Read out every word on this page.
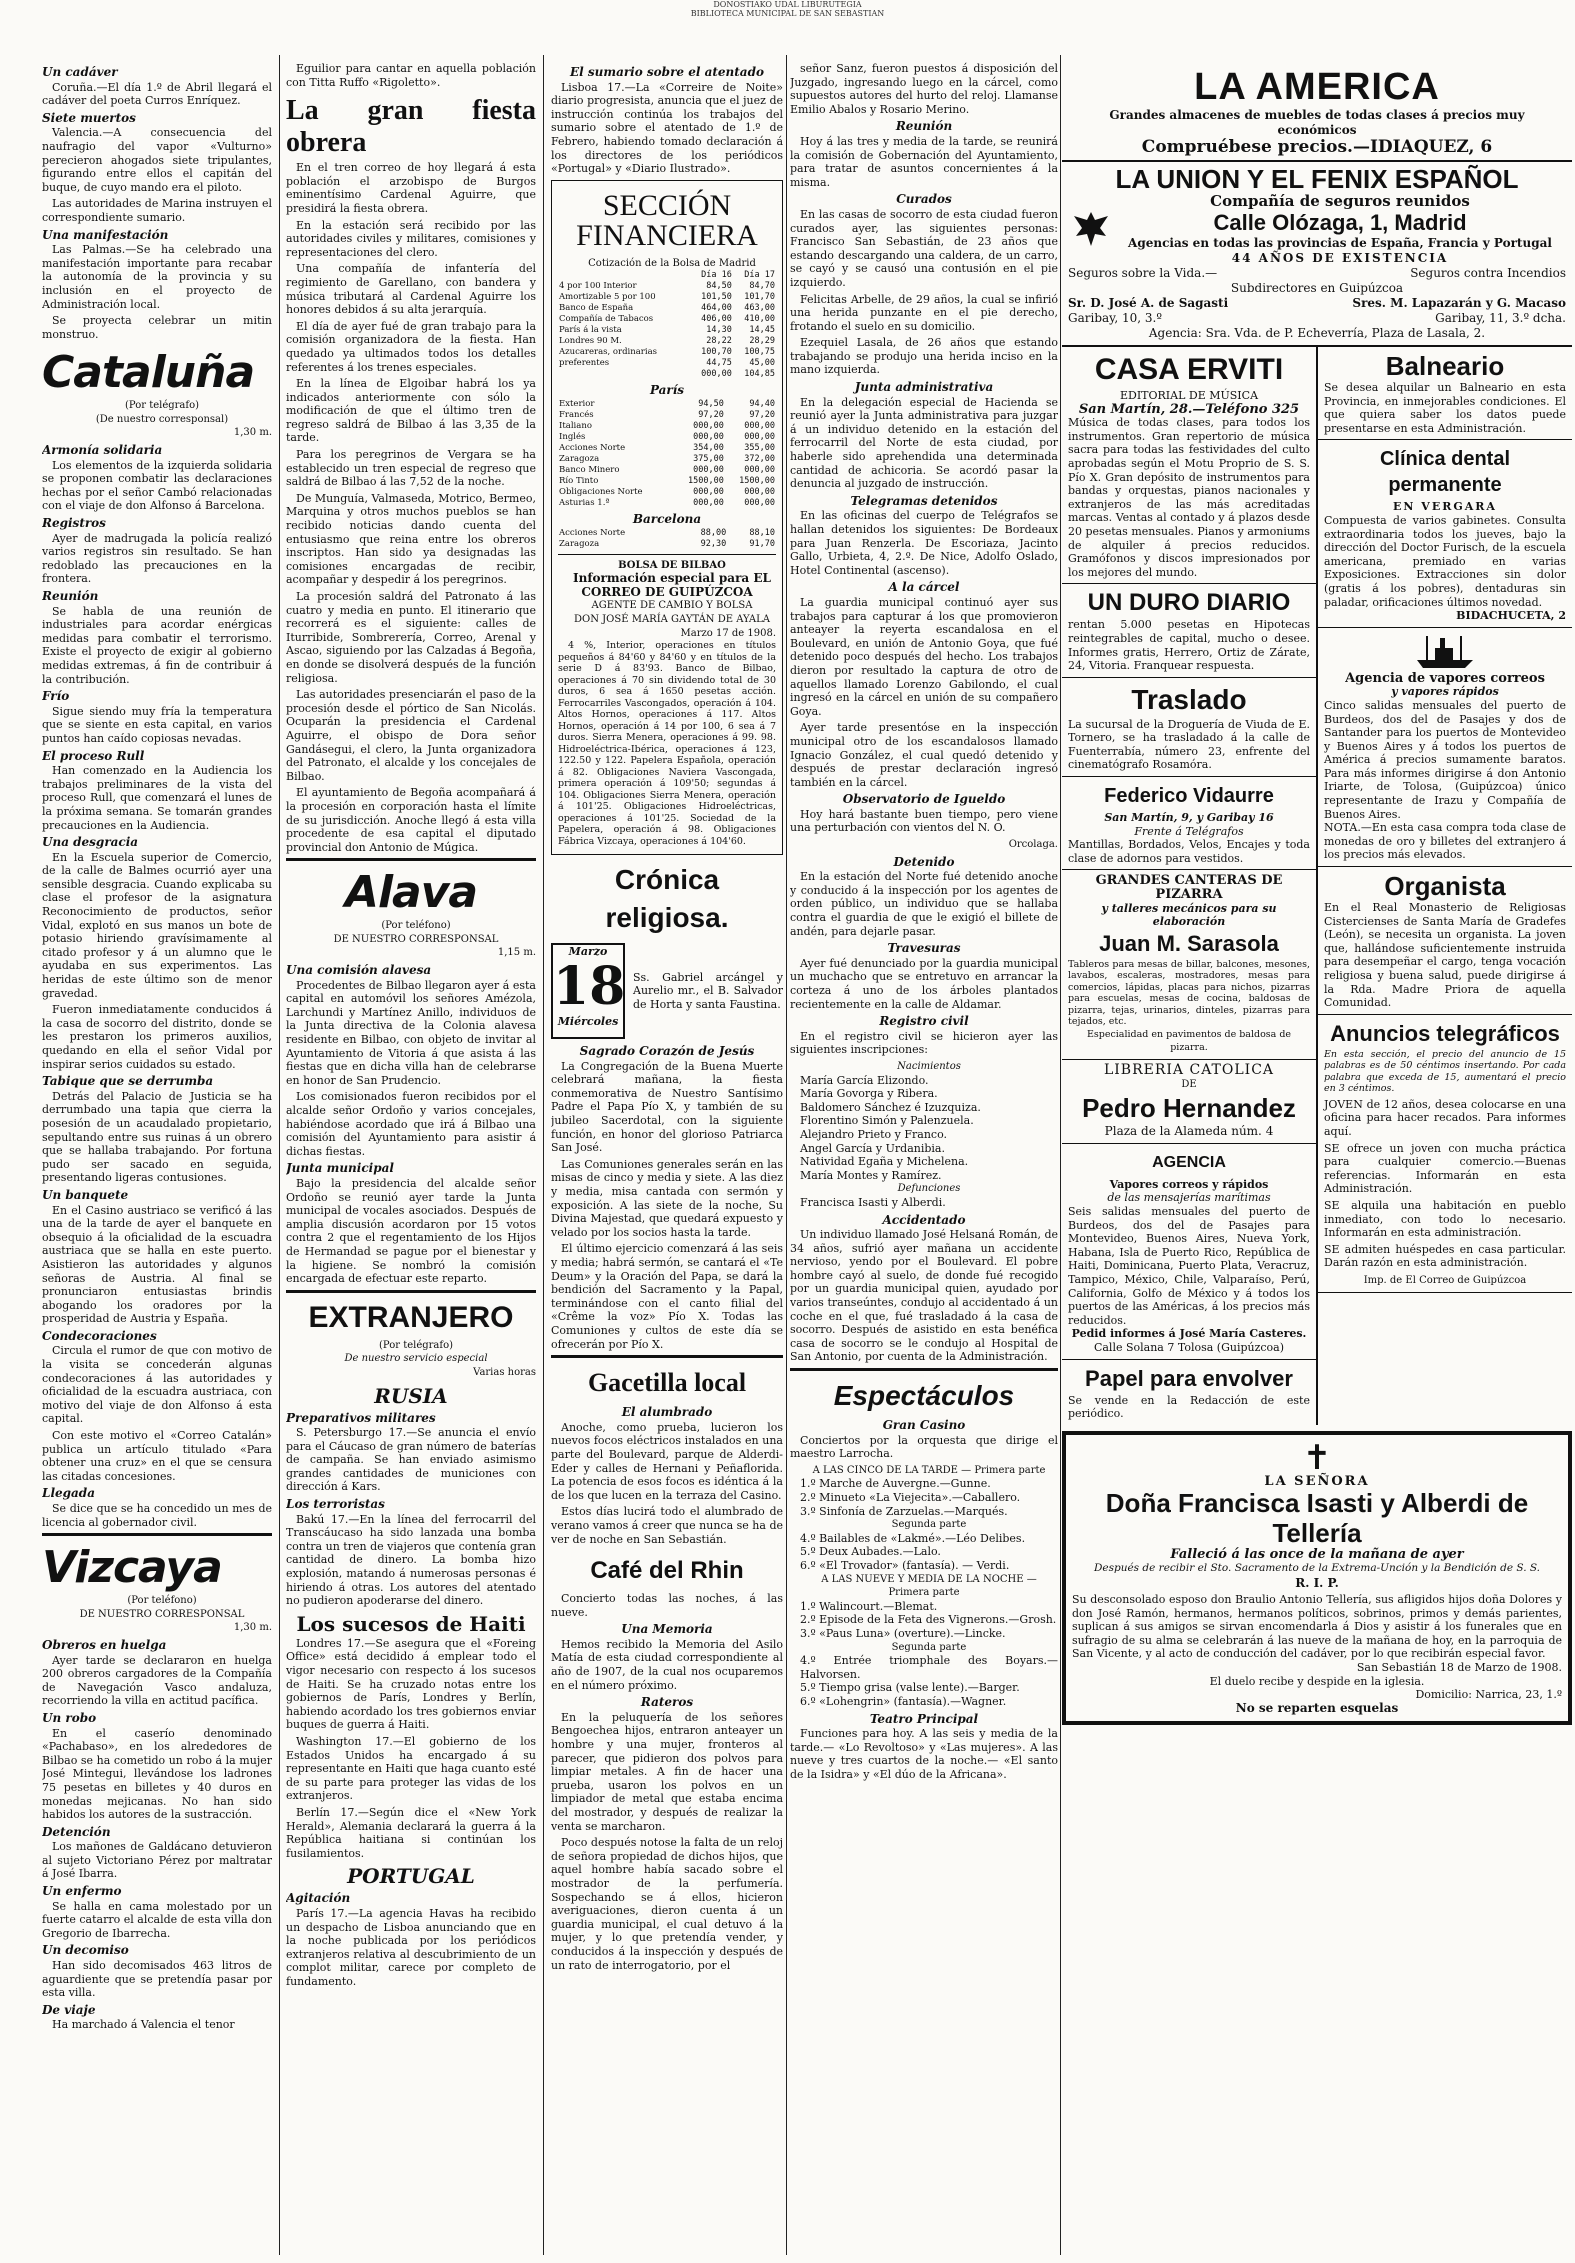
DONOSTIAKO UDAL LIBURUTEGIA
BIBLIOTECA MUNICIPAL DE SAN SEBASTIAN
Un cadáver

Coruña.—El día 1.º de Abril llegará el cadáver del poeta Curros Enríquez.

Siete muertos

Valencia.—A consecuencia del naufragio del vapor «Vulturno» perecieron ahogados siete tripulantes, figurando entre ellos el capitán del buque, de cuyo mando era el piloto.

Las autoridades de Marina instruyen el correspondiente sumario.

Una manifestación

Las Palmas.—Se ha celebrado una manifestación importante para recabar la autonomía de la provincia y su inclusión en el proyecto de Administración local.

Se proyecta celebrar un mitin monstruo.

Cataluña

(Por telégrafo)

(De nuestro corresponsal)

1,30 m.

Armonía solidaria

Los elementos de la izquierda solidaria se proponen combatir las declaraciones hechas por el señor Cambó relacionadas con el viaje de don Alfonso á Barcelona.

Registros

Ayer de madrugada la policía realizó varios registros sin resultado. Se han redoblado las precauciones en la frontera.

Reunión

Se habla de una reunión de industriales para acordar enérgicas medidas para combatir el terrorismo. Existe el proyecto de exigir al gobierno medidas extremas, á fin de contribuir á la contribución.

Frío

Sigue siendo muy fría la temperatura que se siente en esta capital, en varios puntos han caído copiosas nevadas.

El proceso Rull

Han comenzado en la Audiencia los trabajos preliminares de la vista del proceso Rull, que comenzará el lunes de la próxima semana. Se tomarán grandes precauciones en la Audiencia.

Una desgracia

En la Escuela superior de Comercio, de la calle de Balmes ocurrió ayer una sensible desgracia. Cuando explicaba su clase el profesor de la asignatura Reconocimiento de productos, señor Vidal, explotó en sus manos un bote de potasio hiriendo gravísimamente al citado profesor y á un alumno que le ayudaba en sus experimentos. Las heridas de este último son de menor gravedad.

Fueron inmediatamente conducidos á la casa de socorro del distrito, donde se les prestaron los primeros auxilios, quedando en ella el señor Vidal por inspirar serios cuidados su estado.

Tabique que se derrumba

Detrás del Palacio de Justicia se ha derrumbado una tapia que cierra la posesión de un acaudalado propietario, sepultando entre sus ruinas á un obrero que se hallaba trabajando. Por fortuna pudo ser sacado en seguida, presentando ligeras contusiones.

Un banquete

En el Casino austriaco se verificó á las una de la tarde de ayer el banquete en obsequio á la oficialidad de la escuadra austriaca que se halla en este puerto. Asistieron las autoridades y algunos señoras de Austria. Al final se pronunciaron entusiastas brindis abogando los oradores por la prosperidad de Austria y España.

Condecoraciones

Circula el rumor de que con motivo de la visita se concederán algunas condecoraciones á las autoridades y oficialidad de la escuadra austriaca, con motivo del viaje de don Alfonso á esta capital.

Con este motivo el «Correo Catalán» publica un artículo titulado «Para obtener una cruz» en el que se censura las citadas concesiones.

Llegada

Se dice que se ha concedido un mes de licencia al gobernador civil.

Vizcaya

(Por teléfono)

DE NUESTRO CORRESPONSAL

1,30 m.

Obreros en huelga

Ayer tarde se declararon en huelga 200 obreros cargadores de la Compañía de Navegación Vasco andaluza, recorriendo la villa en actitud pacífica.

Un robo

En el caserío denominado «Pachabaso», en los alrededores de Bilbao se ha cometido un robo á la mujer José Mintegui, llevándose los ladrones 75 pesetas en billetes y 40 duros en monedas mejicanas. No han sido habidos los autores de la sustracción.

Detención

Los mañones de Galdácano detuvieron al sujeto Victoriano Pérez por maltratar á José Ibarra.

Un enfermo

Se halla en cama molestado por un fuerte catarro el alcalde de esta villa don Gregorio de Ibarrecha.

Un decomiso

Han sido decomisados 463 litros de aguardiente que se pretendía pasar por esta villa.

De viaje

Ha marchado á Valencia el tenor

Eguilior para cantar en aquella población con Titta Ruffo «Rigoletto».

La gran fiesta obrera

En el tren correo de hoy llegará á esta población el arzobispo de Burgos eminentísimo Cardenal Aguirre, que presidirá la fiesta obrera.

En la estación será recibido por las autoridades civiles y militares, comisiones y representaciones del clero.

Una compañía de infantería del regimiento de Garellano, con bandera y música tributará al Cardenal Aguirre los honores debidos á su alta jerarquía.

El día de ayer fué de gran trabajo para la comisión organizadora de la fiesta. Han quedado ya ultimados todos los detalles referentes á los trenes especiales.

En la línea de Elgoibar habrá los ya indicados anteriormente con sólo la modificación de que el último tren de regreso saldrá de Bilbao á las 3,35 de la tarde.

Para los peregrinos de Vergara se ha establecido un tren especial de regreso que saldrá de Bilbao á las 7,52 de la noche.

De Munguía, Valmaseda, Motrico, Bermeo, Marquina y otros muchos pueblos se han recibido noticias dando cuenta del entusiasmo que reina entre los obreros inscriptos. Han sido ya designadas las comisiones encargadas de recibir, acompañar y despedir á los peregrinos.

La procesión saldrá del Patronato á las cuatro y media en punto. El itinerario que recorrerá es el siguiente: calles de Iturribide, Sombrerería, Correo, Arenal y Ascao, siguiendo por las Calzadas á Begoña, en donde se disolverá después de la función religiosa.

Las autoridades presenciarán el paso de la procesión desde el pórtico de San Nicolás. Ocuparán la presidencia el Cardenal Aguirre, el obispo de Dora señor Gandásegui, el clero, la Junta organizadora del Patronato, el alcalde y los concejales de Bilbao.

El ayuntamiento de Begoña acompañará á la procesión en corporación hasta el límite de su jurisdicción. Anoche llegó á esta villa procedente de esa capital el diputado provincial don Antonio de Múgica.

Alava

(Por teléfono)

DE NUESTRO CORRESPONSAL

1,15 m.

Una comisión alavesa

Procedentes de Bilbao llegaron ayer á esta capital en automóvil los señores Amézola, Larchundi y Martínez Anillo, individuos de la Junta directiva de la Colonia alavesa residente en Bilbao, con objeto de invitar al Ayuntamiento de Vitoria á que asista á las fiestas que en dicha villa han de celebrarse en honor de San Prudencio.

Los comisionados fueron recibidos por el alcalde señor Ordoño y varios concejales, habiéndose acordado que irá á Bilbao una comisión del Ayuntamiento para asistir á dichas fiestas.

Junta municipal

Bajo la presidencia del alcalde señor Ordoño se reunió ayer tarde la Junta municipal de vocales asociados. Después de amplia discusión acordaron por 15 votos contra 2 que el regentamiento de los Hijos de Hermandad se pague por el bienestar y la higiene. Se nombró la comisión encargada de efectuar este reparto.

EXTRANJERO

(Por telégrafo)

De nuestro servicio especial

Varias horas

RUSIA
Preparativos militares

S. Petersburgo 17.—Se anuncia el envío para el Cáucaso de gran número de baterías de campaña. Se han enviado asimismo grandes cantidades de municiones con dirección á Kars.

Los terroristas

Bakú 17.—En la línea del ferrocarril del Transcáucaso ha sido lanzada una bomba contra un tren de viajeros que contenía gran cantidad de dinero. La bomba hizo explosión, matando á numerosas personas é hiriendo á otras. Los autores del atentado no pudieron apoderarse del dinero.

Los sucesos de Haiti

Londres 17.—Se asegura que el «Foreing Office» está decidido á emplear todo el vigor necesario con respecto á los sucesos de Haiti. Se ha cruzado notas entre los gobiernos de París, Londres y Berlín, habiendo acordado los tres gobiernos enviar buques de guerra á Haiti.

Washington 17.—El gobierno de los Estados Unidos ha encargado á su representante en Haiti que haga cuanto esté de su parte para proteger las vidas de los extranjeros.

Berlín 17.—Según dice el «New York Herald», Alemania declarará la guerra á la República haitiana si continúan los fusilamientos.

PORTUGAL
Agitación

París 17.—La agencia Havas ha recibido un despacho de Lisboa anunciando que en la noche publicada por los periódicos extranjeros relativa al descubrimiento de un complot militar, carece por completo de fundamento.

El sumario sobre el atentado

Lisboa 17.—La «Correire de Noite» diario progresista, anuncia que el juez de instrucción continúa los trabajos del sumario sobre el atentado de 1.º de Febrero, habiendo tomado declaración á los directores de los periódicos «Portugal» y «Diario Ilustrado».

SECCIÓN FINANCIERA

Cotización de la Bolsa de Madrid

	Día 16	Día 17
4 por 100 Interior	84,50	84,70
Amortizable 5 por 100	101,50	101,70
Banco de España	464,00	463,00
Compañía de Tabacos	406,00	410,00
París á la vista	14,30	14,45
Londres 90 M.	28,22	28,29
Azucareras, ordinarias	100,70	100,75
preferentes	44,75	45,00
	000,00	104,85
París
Exterior	94,50	94,40
Francés	97,20	97,20
Italiano	000,00	000,00
Inglés	000,00	000,00
Acciones Norte	354,00	355,00
Zaragoza	375,00	372,00
Banco Minero	000,00	000,00
Río Tinto	1500,00	1500,00
Obligaciones Norte	000,00	000,00
Asturias 1.ª	000,00	000,00
Barcelona
Acciones Norte	88,00	88,10
Zaragoza	92,30	91,70

BOLSA DE BILBAO

Información especial para EL CORREO DE GUIPÚZCOA

AGENTE DE CAMBIO Y BOLSA

DON JOSÉ MARÍA GAYTÁN DE AYALA

Marzo 17 de 1908.

4 %, Interior, operaciones en títulos pequeños á 84'60 y 84'60 y en títulos de la serie D á 83'93. Banco de Bilbao, operaciones á 70 sin dividendo total de 30 duros, 6 sea á 1650 pesetas acción. Ferrocarriles Vascongados, operación á 104. Altos Hornos, operaciones á 117. Altos Hornos, operación á 14 por 100, 6 sea á 7 duros. Sierra Menera, operaciones á 99. 98. Hidroeléctrica-Ibérica, operaciones á 123, 122.50 y 122. Papelera Española, operación á 82. Obligaciones Naviera Vascongada, primera operación á 109'50; segundas á 104. Obligaciones Sierra Menera, operación á 101'25. Obligaciones Hidroeléctricas, operaciones á 101'25. Sociedad de la Papelera, operación á 98. Obligaciones Fábrica Vizcaya, operaciones á 104'60.

Crónica religiosa.
Marzo
18
Miércoles
Ss. Gabriel arcángel y Aurelio mr., el B. Salvador de Horta y santa Faustina.
Sagrado Corazón de Jesús

La Congregación de la Buena Muerte celebrará mañana, la fiesta conmemorativa de Nuestro Santísimo Padre el Papa Pío X, y también de su jubileo Sacerdotal, con la siguiente función, en honor del glorioso Patriarca San José.

Las Comuniones generales serán en las misas de cinco y media y siete. A las diez y media, misa cantada con sermón y exposición. A las siete de la noche, Su Divina Majestad, que quedará expuesto y velado por los socios hasta la tarde.

El último ejercicio comenzará á las seis y media; habrá sermón, se cantará el «Te Deum» y la Oración del Papa, se dará la bendición del Sacramento y la Papal, terminándose con el canto filial del «Crême la voz» Pío X. Todas las Comuniones y cultos de este día se ofrecerán por Pío X.

Gacetilla local
El alumbrado

Anoche, como prueba, lucieron los nuevos focos eléctricos instalados en una parte del Boulevard, parque de Alderdi-Eder y calles de Hernani y Peñaflorida. La potencia de esos focos es idéntica á la de los que lucen en la terraza del Casino.

Estos días lucirá todo el alumbrado de verano vamos á creer que nunca se ha de ver de noche en San Sebastián.

Café del Rhin

Concierto todas las noches, á las nueve.

Una Memoria

Hemos recibido la Memoria del Asilo Matía de esta ciudad correspondiente al año de 1907, de la cual nos ocuparemos en el número próximo.

Rateros

En la peluquería de los señores Bengoechea hijos, entraron anteayer un hombre y una mujer, fronteros al parecer, que pidieron dos polvos para limpiar metales. A fin de hacer una prueba, usaron los polvos en un limpiador de metal que estaba encima del mostrador, y después de realizar la venta se marcharon.

Poco después notose la falta de un reloj de señora propiedad de dichos hijos, que aquel hombre había sacado sobre el mostrador de la perfumería. Sospechando se á ellos, hicieron averiguaciones, dieron cuenta á un guardia municipal, el cual detuvo á la mujer, y lo que pretendía vender, y conducidos á la inspección y después de un rato de interrogatorio, por el

señor Sanz, fueron puestos á disposición del Juzgado, ingresando luego en la cárcel, como supuestos autores del hurto del reloj. Llamanse Emilio Abalos y Rosario Merino.

Reunión

Hoy á las tres y media de la tarde, se reunirá la comisión de Gobernación del Ayuntamiento, para tratar de asuntos concernientes á la misma.

Curados

En las casas de socorro de esta ciudad fueron curados ayer, las siguientes personas: Francisco San Sebastián, de 23 años que estando descargando una caldera, de un carro, se cayó y se causó una contusión en el pie izquierdo.

Felicitas Arbelle, de 29 años, la cual se infirió una herida punzante en el pie derecho, frotando el suelo en su domicilio.

Ezequiel Lasala, de 26 años que estando trabajando se produjo una herida inciso en la mano izquierda.

Junta administrativa

En la delegación especial de Hacienda se reunió ayer la Junta administrativa para juzgar á un individuo detenido en la estación del ferrocarril del Norte de esta ciudad, por haberle sido aprehendida una determinada cantidad de achicoria. Se acordó pasar la denuncia al juzgado de instrucción.

Telegramas detenidos

En las oficinas del cuerpo de Telégrafos se hallan detenidos los siguientes: De Bordeaux para Juan Renzerla. De Escoriaza, Jacinto Gallo, Urbieta, 4, 2.º. De Nice, Adolfo Oslado, Hotel Continental (ascenso).

A la cárcel

La guardia municipal continuó ayer sus trabajos para capturar á los que promovieron anteayer la reyerta escandalosa en el Boulevard, en unión de Antonio Goya, que fué detenido poco después del hecho. Los trabajos dieron por resultado la captura de otro de aquellos llamado Lorenzo Gabilondo, el cual ingresó en la cárcel en unión de su compañero Goya.

Ayer tarde presentóse en la inspección municipal otro de los escandalosos llamado Ignacio González, el cual quedó detenido y después de prestar declaración ingresó también en la cárcel.

Observatorio de Igueldo

Hoy hará bastante buen tiempo, pero viene una perturbación con vientos del N. O.

Orcolaga.

Detenido

En la estación del Norte fué detenido anoche y conducido á la inspección por los agentes de orden público, un individuo que se hallaba contra el guardia de que le exigió el billete de andén, para dejarle pasar.

Travesuras

Ayer fué denunciado por la guardia municipal un muchacho que se entretuvo en arrancar la corteza á uno de los árboles plantados recientemente en la calle de Aldamar.

Registro civil

En el registro civil se hicieron ayer las siguientes inscripciones:

Nacimientos

María García Elizondo.
María Govorga y Ribera.
Baldomero Sánchez é Izuzquiza.
Florentino Simón y Palenzuela.
Alejandro Prieto y Franco.
Angel García y Urdanibia.
Natividad Egaña y Michelena.
María Montes y Ramírez.

Defunciones

Francisca Isasti y Alberdi.

Accidentado

Un individuo llamado José Helsaná Román, de 34 años, sufrió ayer mañana un accidente nervioso, yendo por el Boulevard. El pobre hombre cayó al suelo, de donde fué recogido por un guardia municipal quien, ayudado por varios transeúntes, condujo al accidentado á un coche en el que, fué trasladado á la casa de socorro. Después de asistido en esta benéfica casa de socorro se le condujo al Hospital de San Antonio, por cuenta de la Administración.

Espectáculos
Gran Casino

Conciertos por la orquesta que dirige el maestro Larrocha.

A LAS CINCO DE LA TARDE — Primera parte

1.º Marche de Auvergne.—Gunne.
2.º Minueto «La Viejecita».—Caballero.
3.º Sinfonía de Zarzuelas.—Marqués.

Segunda parte

4.º Bailables de «Lakmé».—Léo Delibes.
5.º Deux Aubades.—Lalo.
6.º «El Trovador» (fantasía). — Verdi.

A LAS NUEVE Y MEDIA DE LA NOCHE — Primera parte

1.º Walincourt.—Blemat.
2.º Episode de la Feta des Vignerons.—Grosh.
3.º «Paus Luna» (overture).—Lincke.

Segunda parte

4.º Entrée triomphale des Boyars.—Halvorsen.
5.º Tiempo grisa (valse lente).—Barger.
6.º «Lohengrin» (fantasía).—Wagner.
Teatro Principal

Funciones para hoy. A las seis y media de la tarde.— «Lo Revoltoso» y «Las mujeres». A las nueve y tres cuartos de la noche.— «El santo de la Isidra» y «El dúo de la Africana».

LA AMERICA
Grandes almacenes de muebles de todas clases á precios muy económicos
Compruébese precios.—IDIAQUEZ, 6
LA UNION Y EL FENIX ESPAÑOL
Compañía de seguros reunidos
Calle Olózaga, 1, Madrid
Agencias en todas las provincias de España, Francia y Portugal
44 AÑOS DE EXISTENCIA
Seguros sobre la Vida.—	Seguros contra Incendios
Subdirectores en Guipúzcoa
Sr. D. José A. de Sagasti	Sres. M. Lapazarán y G. Macaso
Garibay, 10, 3.º	Garibay, 11, 3.º dcha.
Agencia: Sra. Vda. de P. Echeverría, Plaza de Lasala, 2.
CASA ERVITI
EDITORIAL DE MÚSICA
San Martín, 28.—Teléfono 325
Música de todas clases, para todos los instrumentos. Gran repertorio de música sacra para todas las festividades del culto aprobadas según el Motu Proprio de S. S. Pío X. Gran depósito de instrumentos para bandas y orquestas, pianos nacionales y extranjeros de las más acreditadas marcas. Ventas al contado y á plazos desde 20 pesetas mensuales. Pianos y armoniums de alquiler á precios reducidos. Gramófonos y discos impresionados por los mejores del mundo.
UN DURO DIARIO
rentan 5.000 pesetas en Hipotecas reintegrables de capital, mucho o desee. Informes gratis, Herrero, Ortiz de Zárate, 24, Vitoria. Franquear respuesta.
Traslado
La sucursal de la Droguería de Viuda de E. Tornero, se ha trasladado á la calle de Fuenterrabía, número 23, enfrente del cinematógrafo Rosamóra.
Federico Vidaurre
San Martín, 9, y Garibay 16
Frente á Telégrafos
Mantillas, Bordados, Velos, Encajes y toda clase de adornos para vestidos.
GRANDES CANTERAS DE PIZARRA
y talleres mecánicos para su elaboración
Juan M. Sarasola
Tableros para mesas de billar, balcones, mesones, lavabos, escaleras, mostradores, mesas para comercios, lápidas, placas para nichos, pizarras para escuelas, mesas de cocina, baldosas de pizarra, tejas, urinarios, dinteles, pizarras para tejados, etc.
Especialidad en pavimentos de baldosa de pizarra.
LIBRERIA CATOLICA
DE
Pedro Hernandez
Plaza de la Alameda núm. 4
AGENCIA
Vapores correos y rápidos
de las mensajerías marítimas
Seis salidas mensuales del puerto de Burdeos, dos del de Pasajes para Montevideo, Buenos Aires, Nueva York, Habana, Isla de Puerto Rico, República de Haiti, Dominicana, Puerto Plata, Veracruz, Tampico, México, Chile, Valparaíso, Perú, California, Golfo de México y á todos los puertos de las Américas, á los precios más reducidos.
Pedid informes á José María Casteres.
Calle Solana 7 Tolosa (Guipúzcoa)
Papel para envolver
Se vende en la Redacción de este periódico.
Balneario
Se desea alquilar un Balneario en esta Provincia, en inmejorables condiciones. El que quiera saber los datos puede presentarse en esta Administración.
Clínica dental permanente
EN VERGARA
Compuesta de varios gabinetes. Consulta extraordinaria todos los jueves, bajo la dirección del Doctor Furisch, de la escuela americana, premiado en varias Exposiciones. Extracciones sin dolor (gratis á los pobres), dentaduras sin paladar, orificaciones últimos novedad.
BIDACHUCETA, 2
Agencia de vapores correos
y vapores rápidos
Cinco salidas mensuales del puerto de Burdeos, dos del de Pasajes y dos de Santander para los puertos de Montevideo y Buenos Aires y á todos los puertos de América á precios sumamente baratos. Para más informes dirigirse á don Antonio Iriarte, de Tolosa, (Guipúzcoa) único representante de Irazu y Compañía de Buenos Aires.
NOTA.—En esta casa compra toda clase de monedas de oro y billetes del extranjero á los precios más elevados.
Organista
En el Real Monasterio de Religiosas Cistercienses de Santa María de Gradefes (León), se necesita un organista. La joven que, hallándose suficientemente instruida para desempeñar el cargo, tenga vocación religiosa y buena salud, puede dirigirse á la Rda. Madre Priora de aquella Comunidad.
Anuncios telegráficos
En esta sección, el precio del anuncio de 15 palabras es de 50 céntimos insertando. Por cada palabra que exceda de 15, aumentará el precio en 3 céntimos.
JOVEN de 12 años, desea colocarse en una oficina para hacer recados. Para informes aquí.
SE ofrece un joven con mucha práctica para cualquier comercio.—Buenas referencias. Informarán en esta Administración.
SE alquila una habitación en pueblo inmediato, con todo lo necesario. Informarán en esta administración.
SE admiten huéspedes en casa particular. Darán razón en esta administración.
Imp. de El Correo de Guipúzcoa
✝
LA SEÑORA
Doña Francisca Isasti y Alberdi de Tellería
Falleció á las once de la mañana de ayer
Después de recibir el Sto. Sacramento de la Extrema-Unción y la Bendición de S. S.
R. I. P.
Su desconsolado esposo don Braulio Antonio Tellería, sus afligidos hijos doña Dolores y don José Ramón, hermanos, hermanos políticos, sobrinos, primos y demás parientes, suplican á sus amigos se sirvan encomendarla á Dios y asistir á los funerales que en sufragio de su alma se celebrarán á las nueve de la mañana de hoy, en la parroquia de San Vicente, y al acto de conducción del cadáver, por lo que recibirán especial favor.
San Sebastián 18 de Marzo de 1908.
El duelo recibe y despide en la iglesia.
Domicilio: Narrica, 23, 1.º
No se reparten esquelas
